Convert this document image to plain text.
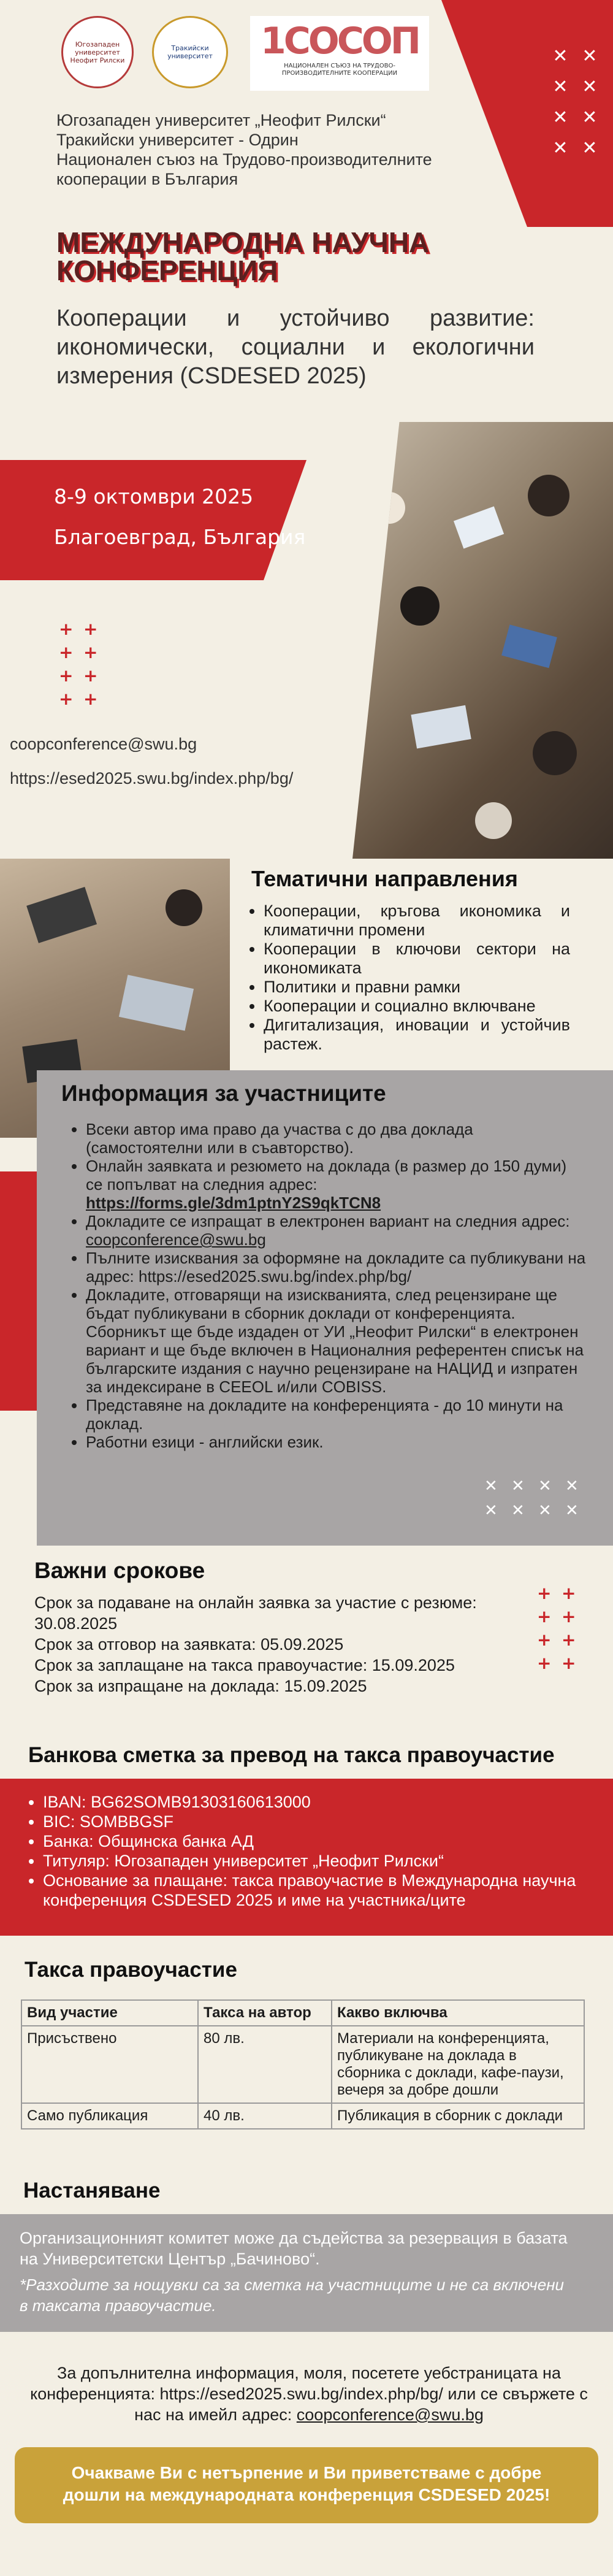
Югозападен университет Неофит Рилски
Тракийски университет	1СОСОП
НАЦИОНАЛЕН СЪЮЗ НА ТРУДОВО-ПРОИЗВОДИТЕЛНИТЕ КООПЕРАЦИИ
✕ ✕
✕ ✕
✕ ✕
✕ ✕
Югозападен университет „Неофит Рилски“
Тракийски университет - Одрин
Национален съюз на Трудово-производителните
кооперации в България
МЕЖДУНАРОДНА НАУЧНА
КОНФЕРЕНЦИЯ
Кооперации и устойчиво развитие: икономически, социални и екологични измерения (CSDESED 2025)
8-9 октомври 2025
Благоевград, България
+ +
+ +
+ +
+ +
coopconference@swu.bg
https://esed2025.swu.bg/index.php/bg/
Тематични направления
• Кооперации, кръгова икономика и климатични промени
• Кооперации в ключови сектори на икономиката
• Политики и правни рамки
• Кооперации и социално включване
• Дигитализация, иновации и устойчив растеж.
Информация за участниците
• Всеки автор има право да участва с до два доклада (самостоятелни или в съавторство).
• Онлайн заявката и резюмето на доклада (в размер до 150 думи) се попълват на следния адрес:
https://forms.gle/3dm1ptnY2S9qkTCN8
• Докладите се изпращат в електронен вариант на следния адрес: coopconference@swu.bg
• Пълните изисквания за оформяне на докладите са публикувани на адрес: https://esed2025.swu.bg/index.php/bg/
• Докладите, отговарящи на изискванията, след рецензиране ще бъдат публикувани в сборник доклади от конференцията. Сборникът ще бъде издаден от УИ „Неофит Рилски“ в електронен вариант и ще бъде включен в Националния референтен списък на българските издания с научно рецензиране на НАЦИД и изпратен за индексиране в CEEOL и/или COBISS.
• Представяне на докладите на конференцията - до 10 минути на доклад.
• Работни езици - английски език.
✕ ✕ ✕ ✕
✕ ✕ ✕ ✕
Важни срокове
Срок за подаване на онлайн заявка за участие с резюме: 30.08.2025
Срок за отговор на заявката: 05.09.2025
Срок за заплащане на такса правоучастие: 15.09.2025
Срок за изпращане на доклада: 15.09.2025
+ +
+ +
+ +
+ +
Банкова сметка за превод на такса правоучастие
• IBAN: BG62SOMB91303160613000
• BIC: SOMBBGSF
• Банка: Общинска банка АД
• Титуляр: Югозападен университет „Неофит Рилски“
• Основание за плащане: такса правоучастие в Международна научна конференция CSDESED 2025 и име на участника/ците
Такса правоучастие
Вид участие	Такса на автор	Какво включва
Присъствено	80 лв.	Материали на конференцията, публикуване на доклада в сборника с доклади, кафе-паузи, вечеря за добре дошли
Само публикация	40 лв.	Публикация в сборник с доклади
Настаняване
Организационният комитет може да съдейства за резервация в базата на Университетски Център „Бачиново“.
*Разходите за нощувки са за сметка на участниците и не са включени в таксата правоучастие.
За допълнителна информация, моля, посетете уебстраницата на конференцията: https://esed2025.swu.bg/index.php/bg/ или се свържете с нас на имейл адрес: coopconference@swu.bg
Очакваме Ви с нетърпение и Ви приветстваме с добре дошли на международната конференция CSDESED 2025!
